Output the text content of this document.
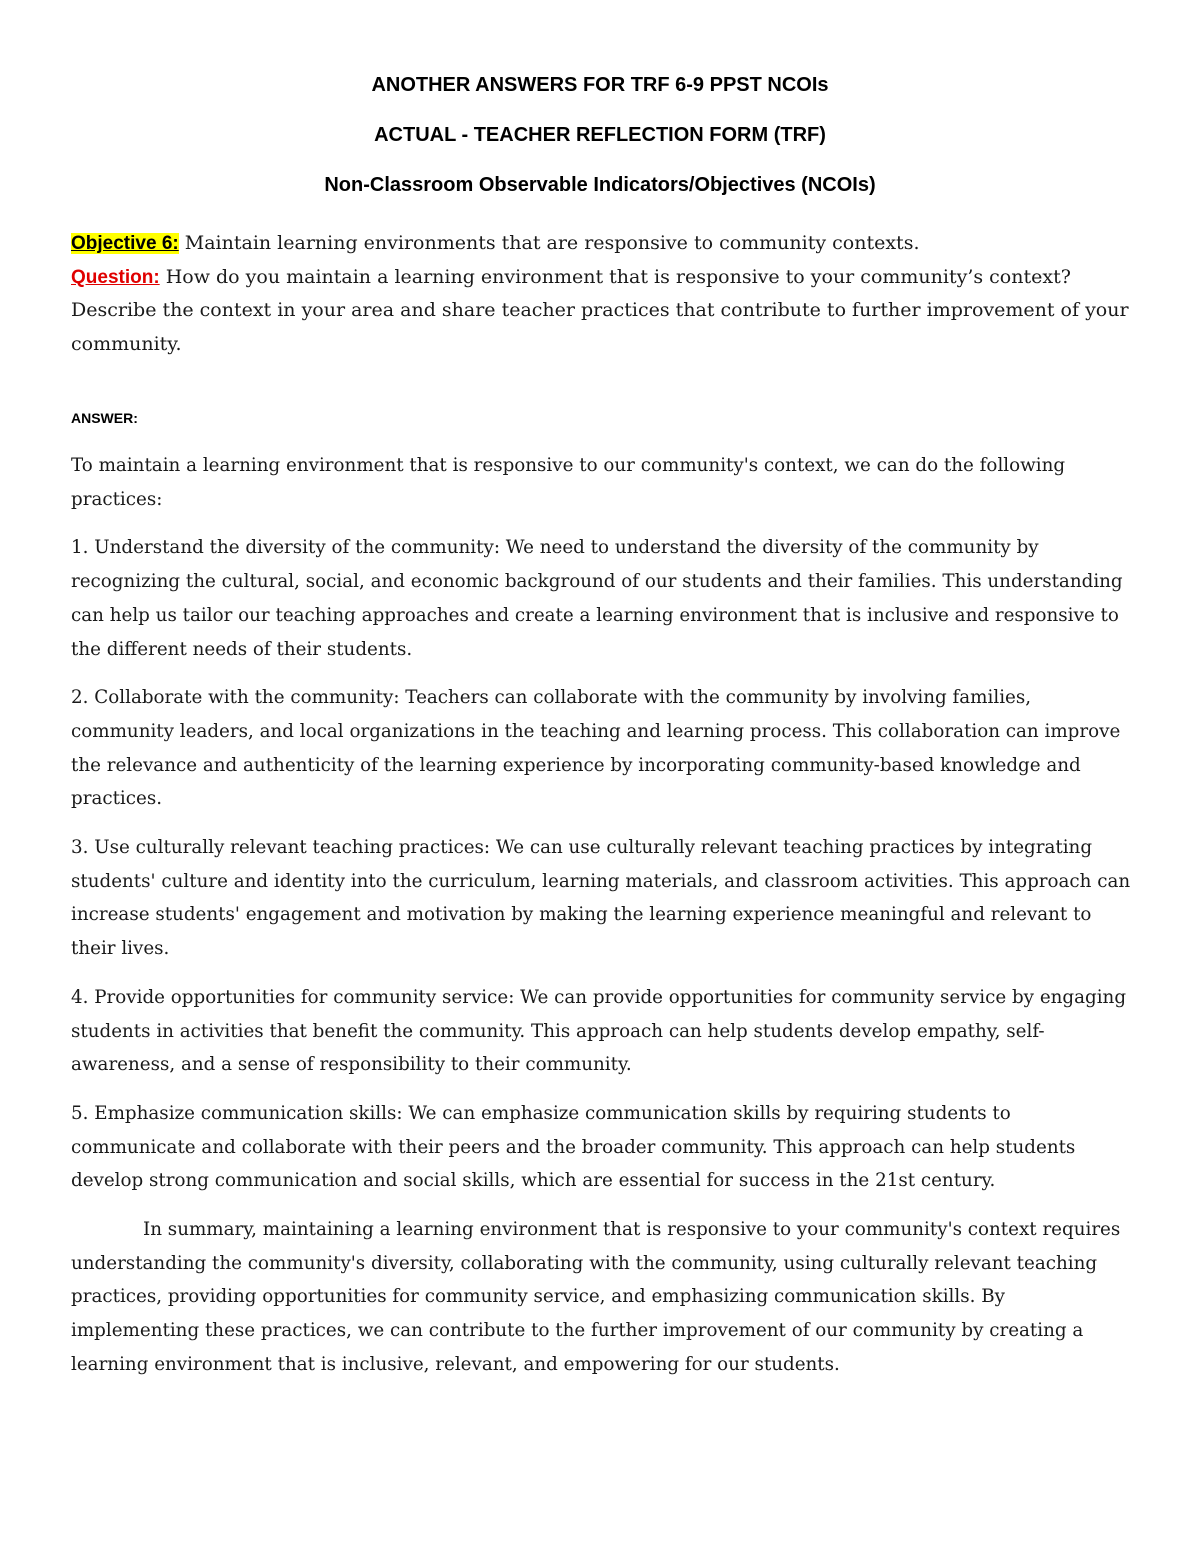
ANOTHER ANSWERS FOR TRF 6-9 PPST NCOIs
ACTUAL - TEACHER REFLECTION FORM (TRF)
Non-Classroom Observable Indicators/Objectives (NCOIs)

Objective 6: Maintain learning environments that are responsive to community contexts.

Question: How do you maintain a learning environment that is responsive to your community’s context? Describe the context in your area and share teacher practices that contribute to further improvement of your community.

ANSWER:

To maintain a learning environment that is responsive to our community's context, we can do the following practices:

1. Understand the diversity of the community: We need to understand the diversity of the community by recognizing the cultural, social, and economic background of our students and their families. This understanding can help us tailor our teaching approaches and create a learning environment that is inclusive and responsive to the different needs of their students.

2. Collaborate with the community: Teachers can collaborate with the community by involving families, community leaders, and local organizations in the teaching and learning process. This collaboration can improve the relevance and authenticity of the learning experience by incorporating community-based knowledge and practices.

3. Use culturally relevant teaching practices: We can use culturally relevant teaching practices by integrating students' culture and identity into the curriculum, learning materials, and classroom activities. This approach can increase students' engagement and motivation by making the learning experience meaningful and relevant to their lives.

4. Provide opportunities for community service: We can provide opportunities for community service by engaging students in activities that benefit the community. This approach can help students develop empathy, self-awareness, and a sense of responsibility to their community.

5. Emphasize communication skills: We can emphasize communication skills by requiring students to communicate and collaborate with their peers and the broader community. This approach can help students develop strong communication and social skills, which are essential for success in the 21st century.

In summary, maintaining a learning environment that is responsive to your community's context requires understanding the community's diversity, collaborating with the community, using culturally relevant teaching practices, providing opportunities for community service, and emphasizing communication skills. By implementing these practices, we can contribute to the further improvement of our community by creating a learning environment that is inclusive, relevant, and empowering for our students.
